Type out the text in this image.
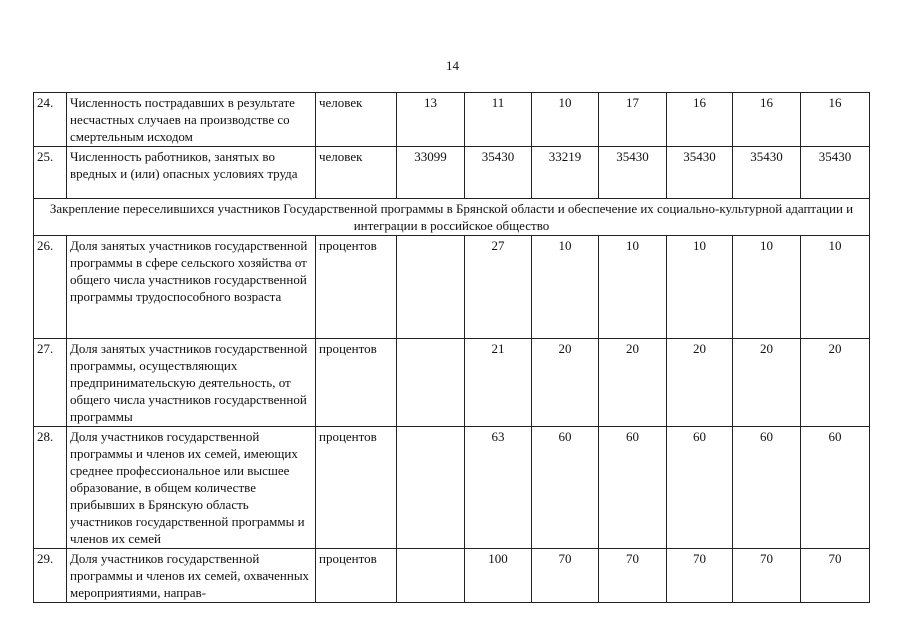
14
24.	Численность пострадавших в результате несчастных случаев на производстве со смертельным исходом	человек	13	11	10	17	16	16	16
25.	Численность работников, занятых во вредных и (или) опасных условиях труда	человек	33099	35430	33219	35430	35430	35430	35430
Закрепление переселившихся участников Государственной программы в Брянской области и обеспечение их социально-культурной адаптации и интеграции в российское общество									
26.	Доля занятых участников государственной программы в сфере сельского хозяйства от общего числа участников государственной программы трудоспособного возраста	процентов		27	10	10	10	10	10
27.	Доля занятых участников государственной программы, осуществляющих предпринимательскую деятельность, от общего числа участников государственной программы	процентов		21	20	20	20	20	20
28.	Доля участников государственной программы и членов их семей, имеющих среднее профессиональное или высшее образование, в общем количестве прибывших в Брянскую область участников государственной программы и членов их семей	процентов		63	60	60	60	60	60
29.	Доля участников государственной программы и членов их семей, охваченных мероприятиями, направ-	процентов		100	70	70	70	70	70
